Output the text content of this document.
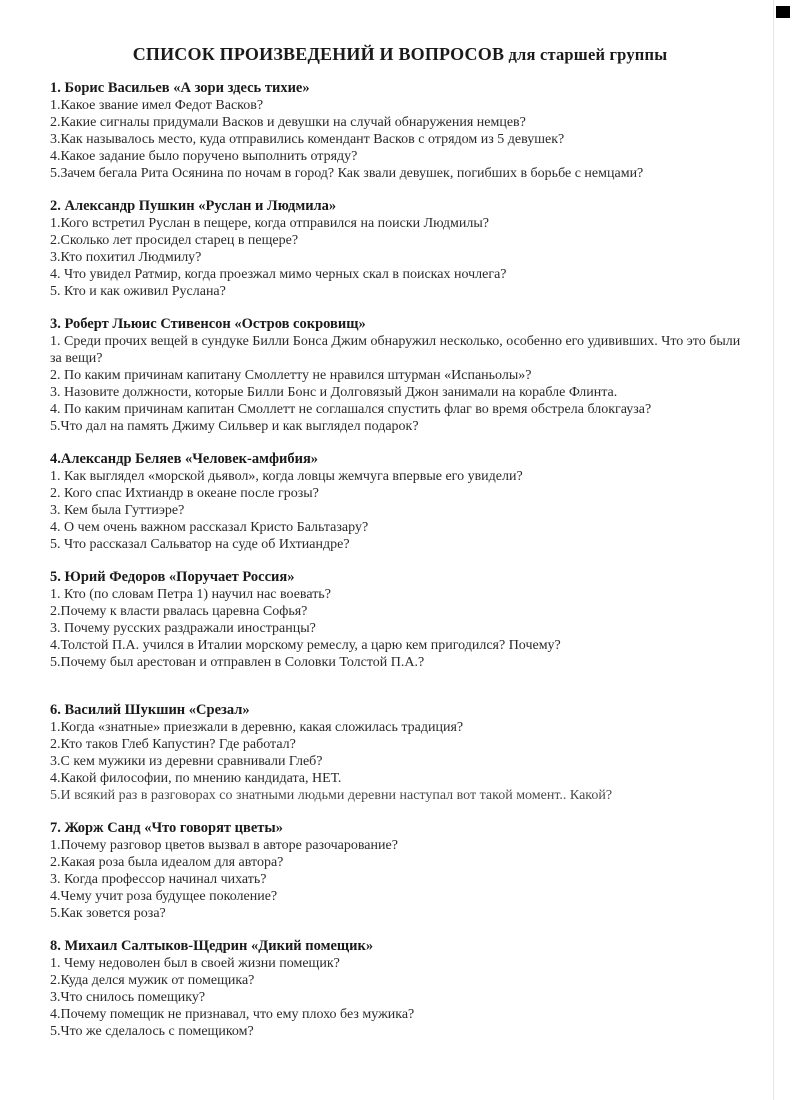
СПИСОК ПРОИЗВЕДЕНИЙ И ВОПРОСОВ для старшей группы

1. Борис Васильев «А зори здесь тихие»

1.Какое звание имел Федот Васков?

2.Какие сигналы придумали Васков и девушки на случай обнаружения немцев?

3.Как называлось место, куда отправились комендант Васков с отрядом из 5 девушек?

4.Какое задание было поручено выполнить отряду?

5.Зачем бегала Рита Осянина по ночам в город? Как звали девушек, погибших в борьбе с немцами?

2. Александр Пушкин «Руслан и Людмила»

1.Кого встретил Руслан в пещере, когда отправился на поиски Людмилы?

2.Сколько лет просидел старец в пещере?

3.Кто похитил Людмилу?

4. Что увидел Ратмир, когда проезжал мимо черных скал в поисках ночлега?

5. Кто и как оживил Руслана?

3. Роберт Льюис Стивенсон «Остров сокровищ»

1. Среди прочих вещей в сундуке Билли Бонса Джим обнаружил несколько, особенно его удививших. Что это были за вещи?

2. По каким причинам капитану Смоллетту не нравился штурман «Испаньолы»?

3. Назовите должности, которые Билли Бонс и Долговязый Джон занимали на корабле Флинта.

4. По каким причинам капитан Смоллетт не соглашался спустить флаг во время обстрела блокгауза?

5.Что дал на память Джиму Сильвер и как выглядел подарок?

4.Александр Беляев «Человек-амфибия»

1. Как выглядел «морской дьявол», когда ловцы жемчуга впервые его увидели?

2. Кого спас Ихтиандр в океане после грозы?

3. Кем была Гуттиэре?

4. О чем очень важном рассказал Кристо Бальтазару?

5. Что рассказал Сальватор на суде об Ихтиандре?

5. Юрий Федоров «Поручает Россия»

1. Кто (по словам Петра 1) научил нас воевать?

2.Почему к власти рвалась царевна Софья?

3. Почему русских раздражали иностранцы?

4.Толстой П.А. учился в Италии морскому ремеслу, а царю кем пригодился? Почему?

5.Почему был арестован и отправлен в Соловки Толстой П.А.?

6. Василий Шукшин «Срезал»

1.Когда «знатные» приезжали в деревню, какая сложилась традиция?

2.Кто таков Глеб Капустин? Где работал?

3.С кем мужики из деревни сравнивали Глеб?

4.Какой философии, по мнению кандидата, НЕТ.

5.И всякий раз в разговорах со знатными людьми деревни наступал вот такой момент.. Какой?

7. Жорж Санд «Что говорят цветы»

1.Почему разговор цветов вызвал в авторе разочарование?

2.Какая роза была идеалом для автора?

3. Когда профессор начинал чихать?

4.Чему учит роза будущее поколение?

5.Как зовется роза?

8. Михаил Салтыков-Щедрин «Дикий помещик»

1. Чему недоволен был в своей жизни помещик?

2.Куда делся мужик от помещика?

3.Что снилось помещику?

4.Почему помещик не признавал, что ему плохо без мужика?

5.Что же сделалось с помещиком?
